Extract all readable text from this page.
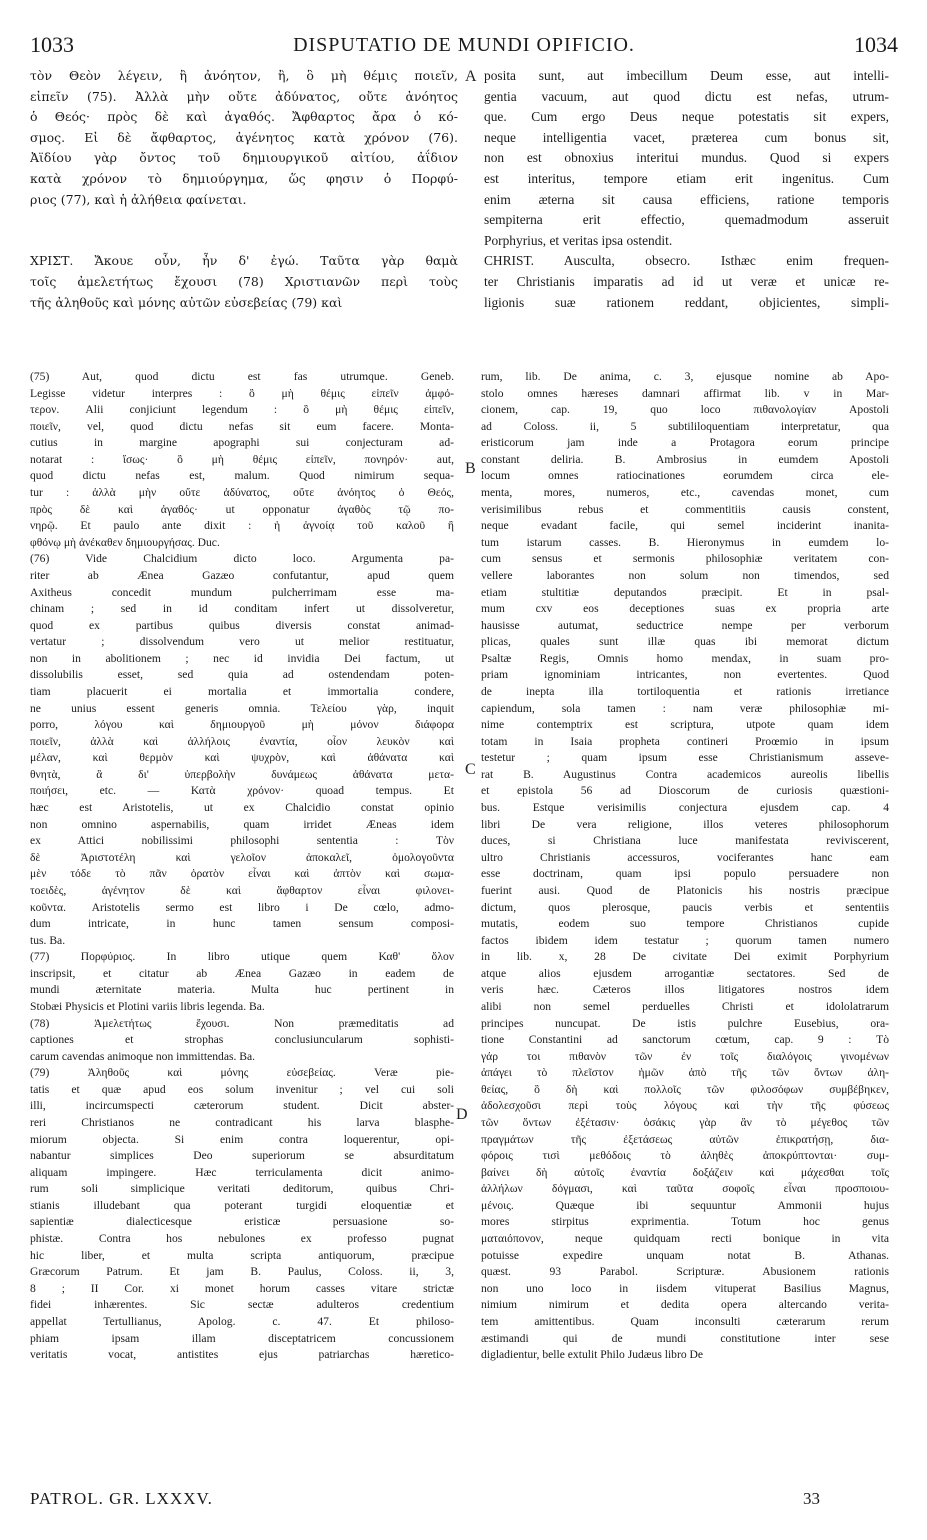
1033	DISPUTATIO DE MUNDI OPIFICIO.	1034
τὸν Θεὸν λέγειν, ἢ ἀνόητον, ἢ, ὃ μὴ θέμις ποιεῖν,
εἰπεῖν (75). Ἀλλὰ μὴν οὔτε ἀδύνατος, οὔτε ἀνόητος
ὁ Θεός· πρὸς δὲ καὶ ἀγαθός. Ἄφθαρτος ἄρα ὁ κό-
σμος. Εἰ δὲ ἄφθαρτος, ἀγένητος κατὰ χρόνον (76).
Ἀϊδίου γὰρ ὄντος τοῦ δημιουργικοῦ αἰτίου, ἀΐδιον
κατὰ χρόνον τὸ δημιούργημα, ὥς φησιν ὁ Πορφύ-
ριος (77), καὶ ἡ ἀλήθεια φαίνεται.

ΧΡΙΣΤ. Ἄκουε οὖν, ἦν δ' ἐγώ. Ταῦτα γὰρ θαμὰ
τοῖς ἀμελετήτως ἔχουσι (78) Χριστιανῶν περὶ τοὺς
τῆς ἀληθοῦς καὶ μόνης αὐτῶν εὐσεβείας (79) καὶ
posita sunt, aut imbecillum Deum esse, aut intelli-
gentia vacuum, aut quod dictu est nefas, utrum-
que. Cum ergo Deus neque potestatis sit expers,
neque intelligentia vacet, præterea cum bonus sit,
non est obnoxius interitui mundus. Quod si expers
est interitus, tempore etiam erit ingenitus. Cum
enim æterna sit causa efficiens, ratione temporis
sempiterna erit effectio, quemadmodum asseruit
Porphyrius, et veritas ipsa ostendit.
CHRIST. Ausculta, obsecro. Isthæc enim frequen-
ter Christianis imparatis ad id ut veræ et unicæ re-
ligionis suæ rationem reddant, objicientes, simpli-
(75) Aut, quod dictu est fas utrumque. Geneb.
Legisse videtur interpres : ὃ μὴ θέμις εἰπεῖν ἀμφό-
τερον. Alii conjiciunt legendum : ὃ μὴ θέμις εἰπεῖν,
ποιεῖν, vel, quod dictu nefas sit eum facere. Monta-
cutius in margine apographi sui conjecturam ad-
notarat : ἴσως· ὃ μὴ θέμις εἰπεῖν, πονηρόν· aut,
quod dictu nefas est, malum. Quod nimirum sequa-
tur : ἀλλὰ μὴν οὔτε ἀδύνατος, οὔτε ἀνόητος ὁ Θεός,
πρὸς δὲ καὶ ἀγαθός· ut opponatur ἀγαθὸς τῷ πο-
νηρῷ. Et paulo ante dixit : ἡ ἀγνοίᾳ τοῦ καλοῦ ἢ
φθόνῳ μὴ ἀνέκαθεν δημιουργήσας. Duc.
(76) Vide Chalcidium dicto loco. Argumenta pa-
riter ab Æneа Gazæo confutantur, apud quem
Axitheus concedit mundum pulcherrimam esse ma-
chinam ; sed in id conditam infert ut dissolveretur,
quod ex partibus quibus diversis constat animad-
vertatur ; dissolvendum vero ut melior restituatur,
non in abolitionem ; nec id invidia Dei factum, ut
dissolubilis esset, sed quia ad ostendendam poten-
tiam placuerit ei mortalia et immortalia condere,
ne unius essent generis omnia. Τελείου γὰρ, inquit
porro, λόγου καὶ δημιουργοῦ μὴ μόνον διάφορα
ποιεῖν, ἀλλὰ καὶ ἀλλήλοις ἐναντία, οἷον λευκὸν καὶ
μέλαν, καὶ θερμὸν καὶ ψυχρὸν, καὶ ἀθάνατα καὶ
θνητὰ, ἃ δι' ὑπερβολὴν δυνάμεως ἀθάνατα μετα-
ποιήσει, etc. — Κατὰ χρόνον· quoad tempus. Et
hæc est Aristotelis, ut ex Chalcidio constat opinio
non omnino aspernabilis, quam irridet Æneas idem
ex Attici nobilissimi philosophi sententia : Τὸν
δὲ Ἀριστοτέλη καὶ γελοῖον ἀποκαλεῖ, ὁμολογοῦντα
μὲν τόδε τὸ πᾶν ὁρατὸν εἶναι καὶ ἁπτὸν καὶ σωμα-
τοειδὲς, ἀγένητον δὲ καὶ ἄφθαρτον εἶναι φιλονει-
κοῦντα. Aristotelis sermo est libro i De cœlo, admo-
dum intricate, in hunc tamen sensum composi-
tus. Ba.
(77) Πορφύριος. In libro utique quem Καθ' ὅλον
inscripsit, et citatur ab Æneа Gazæo in eadem de
mundi æternitate materia. Multa huc pertinent in
Stobæi Physicis et Plotini variis libris legenda. Ba.
(78) Ἀμελετήτως ἔχουσι. Non præmeditatis ad
captiones et strophas conclusiuncularum sophisti-
carum cavendas animoque non immittendas. Ba.
(79) Ἀληθοῦς καὶ μόνης εὐσεβείας. Veræ pie-
tatis et quæ apud eos solum invenitur ; vel cui soli
illi, incircumspecti cæterorum student. Dicit abster-
reri Christianos ne contradicant his larva blasphe-
miorum objecta. Si enim contra loquerentur, opi-
nabantur simplices Deo superiorum se absurditatum
aliquam impingere. Hæc terriculamenta dicit animo-
rum soli simplicique veritati deditorum, quibus Chri-
stianis illudebant qua poterant turgidi eloquentiæ et
sapientiæ dialecticesque eristicæ persuasione so-
phistæ. Contra hos nebulones ex professo pugnat
hic liber, et multa scripta antiquorum, præcipue
Græcorum Patrum. Et jam B. Paulus, Coloss. ii, 3,
8 ; II Cor. xi monet horum casses vitare strictæ
fidei inhærentes. Sic sectæ adulteros credentium
appellat Tertullianus, Apolog. c. 47. Et philoso-
phiam ipsam illam disceptatricem concussionem
veritatis vocat, antistites ejus patriarchas hæretico-
rum, lib. De anima, c. 3, ejusque nomine ab Apo-
stolo omnes hæreses damnari affirmat lib. v in Mar-
cionem, cap. 19, quo loco πιθανολογίαν Apostoli
ad Coloss. ii, 5 subtililoquentiam interpretatur, qua
eristicorum jam inde a Protagora eorum principe
constant deliria. B. Ambrosius in eumdem Apostoli
locum omnes ratiocinationes eorumdem circa ele-
menta, mores, numeros, etc., cavendas monet, cum
verisimilibus rebus et commentitiis causis constent,
neque evadant facile, qui semel inciderint inanita-
tum istarum casses. B. Hieronymus in eumdem lo-
cum sensus et sermonis philosophiæ veritatem con-
vellere laborantes non solum non timendos, sed
etiam stultitiæ deputandos præcipit. Et in psal-
mum cxv eos deceptiones suas ex propria arte
hausisse autumat, seductrice nempe per verborum
plicas, quales sunt illæ quas ibi memorat dictum
Psaltæ Regis, Omnis homo mendax, in suam pro-
priam ignominiam intricantes, non evertentes. Quod
de inepta illa tortiloquentia et rationis irretiance
capiendum, sola tamen : nam veræ philosophiæ mi-
nime contemptrix est scriptura, utpote quam idem
totam in Isaia propheta contineri Proœmio in ipsum
testetur ; quam ipsum esse Christianismum asseve-
rat B. Augustinus Contra academicos aureolis libellis
et epistola 56 ad Dioscorum de curiosis quæstioni-
bus. Estque verisimilis conjectura ejusdem cap. 4
libri De vera religione, illos veteres philosophorum
duces, si Christiana luce manifestata reviviscerent,
ultro Christianis accessuros, vociferantes hanc eam
esse doctrinam, quam ipsi populo persuadere non
fuerint ausi. Quod de Platonicis his nostris præcipue
dictum, quos plerosque, paucis verbis et sententiis
mutatis, eodem suo tempore Christianos cupide
factos ibidem idem testatur ; quorum tamen numero
in lib. x, 28 De civitate Dei eximit Porphyrium
atque alios ejusdem arrogantiæ sectatores. Sed de
veris hæc. Cæteros illos litigatores nostros idem
alibi non semel perduelles Christi et idololatrarum
principes nuncupat. De istis pulchre Eusebius, ora-
tione Constantini ad sanctorum cœtum, cap. 9 : Τὸ
γάρ τοι πιθανὸν τῶν ἐν τοῖς διαλόγοις γινομένων
ἀπάγει τὸ πλεῖστον ἡμῶν ἀπὸ τῆς τῶν ὄντων ἀλη-
θείας, ὃ δὴ καὶ πολλοῖς τῶν φιλοσόφων συμβέβηκεν,
ἀδολεσχοῦσι περὶ τοὺς λόγους καὶ τὴν τῆς φύσεως
τῶν ὄντων ἐξέτασιν· ὁσάκις γὰρ ἂν τὸ μέγεθος τῶν
πραγμάτων τῆς ἐξετάσεως αὐτῶν ἐπικρατήσῃ, δια-
φόροις τισὶ μεθόδοις τὸ ἀληθὲς ἀποκρύπτονται· συμ-
βαίνει δὴ αὐτοῖς ἐναντία δοξάζειν καὶ μάχεσθαι τοῖς
ἀλλήλων δόγμασι, καὶ ταῦτα σοφοῖς εἶναι προσποιου-
μένοις. Quæque ibi sequuntur Ammonii hujus
mores stirpitus exprimentia. Totum hoc genus
ματαιόπονον, neque quidquam recti bonique in vita
potuisse expedire unquam notat B. Athanas.
quæst. 93 Parabol. Scripturæ. Abusionem rationis
non uno loco in iisdem vituperat Basilius Magnus,
nimium nimirum et dedita opera altercando verita-
tem amittentibus. Quam inconsulti cæterarum rerum
æstimandi qui de mundi constitutione inter sese
digladientur, belle extulit Philo Judæus libro De
A
B
C
D
PATROL. GR. LXXXV.	33
